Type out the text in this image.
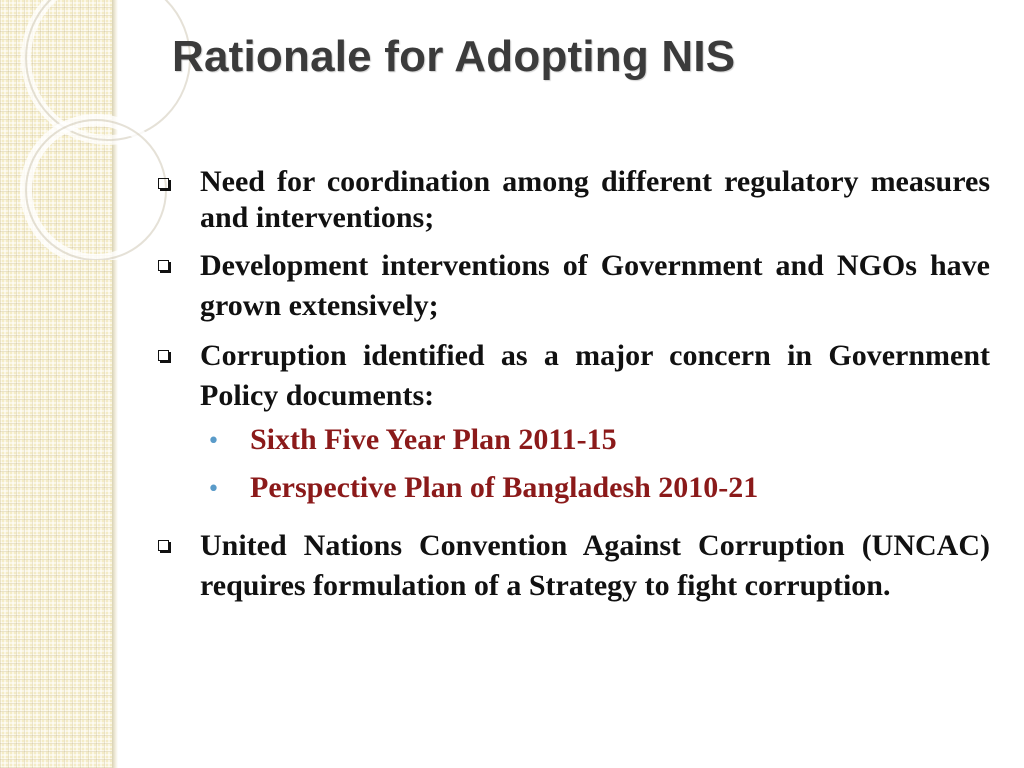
Rationale for Adopting NIS
Need for coordination among different regulatory measures and interventions;
Development interventions of Government and NGOs have grown extensively;
Corruption identified as a major concern in Government Policy documents:
• Sixth Five Year Plan 2011-15
• Perspective Plan of Bangladesh 2010-21
United Nations Convention Against Corruption (UNCAC) requires formulation of a Strategy to fight corruption.
